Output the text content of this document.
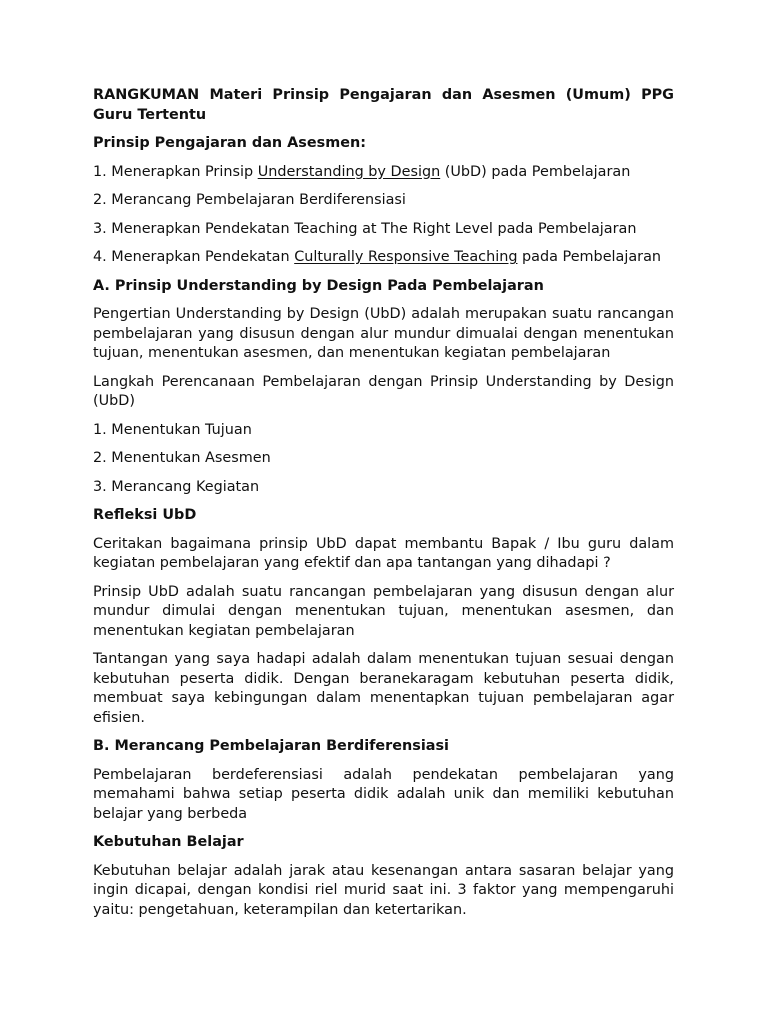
RANGKUMAN Materi Prinsip Pengajaran dan Asesmen (Umum) PPG Guru Tertentu

Prinsip Pengajaran dan Asesmen:

1. Menerapkan Prinsip Understanding by Design (UbD) pada Pembelajaran

2. Merancang Pembelajaran Berdiferensiasi

3. Menerapkan Pendekatan Teaching at The Right Level pada Pembelajaran

4. Menerapkan Pendekatan Culturally Responsive Teaching pada Pembelajaran

A. Prinsip Understanding by Design Pada Pembelajaran

Pengertian Understanding by Design (UbD) adalah merupakan suatu rancangan pembelajaran yang disusun dengan alur mundur dimualai dengan menentukan tujuan, menentukan asesmen, dan menentukan kegiatan pembelajaran

Langkah Perencanaan Pembelajaran dengan Prinsip Understanding by Design (UbD)

1. Menentukan Tujuan

2. Menentukan Asesmen

3. Merancang Kegiatan

Refleksi UbD

Ceritakan bagaimana prinsip UbD dapat membantu Bapak / Ibu guru dalam kegiatan pembelajaran yang efektif dan apa tantangan yang dihadapi ?

Prinsip UbD adalah suatu rancangan pembelajaran yang disusun dengan alur mundur dimulai dengan menentukan tujuan, menentukan asesmen, dan menentukan kegiatan pembelajaran

Tantangan yang saya hadapi adalah dalam menentukan tujuan sesuai dengan kebutuhan peserta didik. Dengan beranekaragam kebutuhan peserta didik, membuat saya kebingungan dalam menentapkan tujuan pembelajaran agar efisien.

B. Merancang Pembelajaran Berdiferensiasi

Pembelajaran berdeferensiasi adalah pendekatan pembelajaran yang memahami bahwa setiap peserta didik adalah unik dan memiliki kebutuhan belajar yang berbeda

Kebutuhan Belajar

Kebutuhan belajar adalah jarak atau kesenangan antara sasaran belajar yang ingin dicapai, dengan kondisi riel murid saat ini. 3 faktor yang mempengaruhi yaitu: pengetahuan, keterampilan dan ketertarikan.
